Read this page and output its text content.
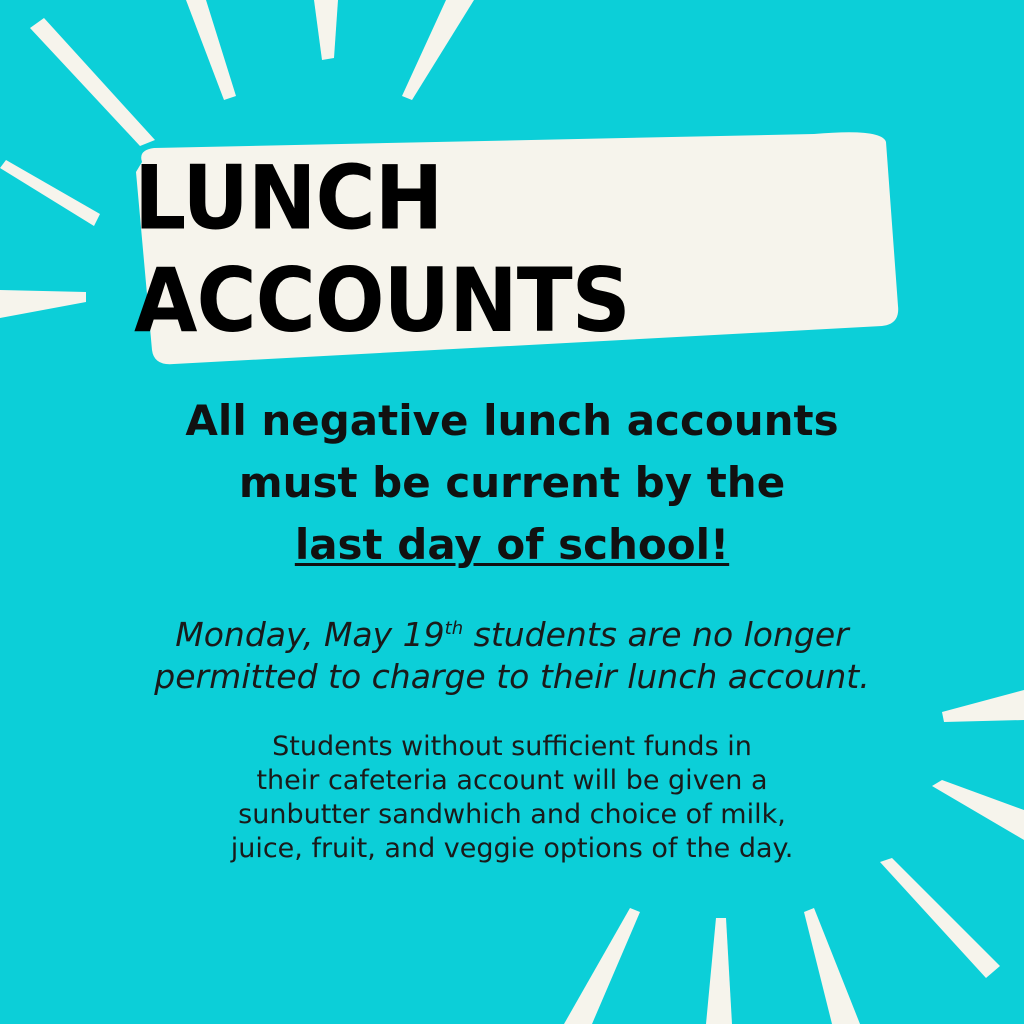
LUNCH ACCOUNTS
All negative lunch accounts
must be current by the
last day of school!
Monday, May 19th students are no longer
permitted to charge to their lunch account.
Students without sufficient funds in
their cafeteria account will be given a
sunbutter sandwhich and choice of milk,
juice, fruit, and veggie options of the day.
